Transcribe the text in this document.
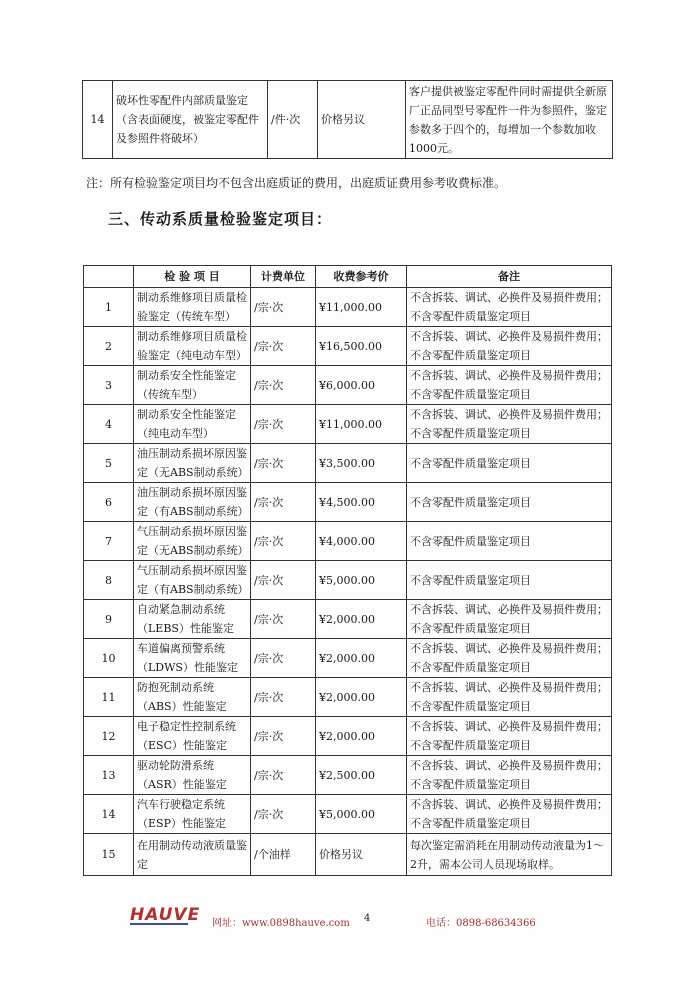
14	破坏性零配件内部质量鉴定（含表面硬度，被鉴定零配件及参照件将破坏）	/件·次	价格另议	客户提供被鉴定零配件同时需提供全新原厂正品同型号零配件一件为参照件，鉴定参数多于四个的，每增加一个参数加收1000元。
注：所有检验鉴定项目均不包含出庭质证的费用，出庭质证费用参考收费标准。
三、传动系质量检验鉴定项目：
	检 验 项 目	计费单位	收费参考价	备注
1	制动系维修项目质量检验鉴定（传统车型）	/宗·次	¥11,000.00	不含拆装、调试、必换件及易损件费用；不含零配件质量鉴定项目
2	制动系维修项目质量检验鉴定（纯电动车型）	/宗·次	¥16,500.00	不含拆装、调试、必换件及易损件费用；不含零配件质量鉴定项目
3	制动系安全性能鉴定（传统车型）	/宗·次	¥6,000.00	不含拆装、调试、必换件及易损件费用；不含零配件质量鉴定项目
4	制动系安全性能鉴定（纯电动车型）	/宗·次	¥11,000.00	不含拆装、调试、必换件及易损件费用；不含零配件质量鉴定项目
5	油压制动系损坏原因鉴定（无ABS制动系统）	/宗·次	¥3,500.00	不含零配件质量鉴定项目
6	油压制动系损坏原因鉴定（有ABS制动系统）	/宗·次	¥4,500.00	不含零配件质量鉴定项目
7	气压制动系损坏原因鉴定（无ABS制动系统）	/宗·次	¥4,000.00	不含零配件质量鉴定项目
8	气压制动系损坏原因鉴定（有ABS制动系统）	/宗·次	¥5,000.00	不含零配件质量鉴定项目
9	自动紧急制动系统（LEBS）性能鉴定	/宗·次	¥2,000.00	不含拆装、调试、必换件及易损件费用；不含零配件质量鉴定项目
10	车道偏离预警系统（LDWS）性能鉴定	/宗·次	¥2,000.00	不含拆装、调试、必换件及易损件费用；不含零配件质量鉴定项目
11	防抱死制动系统（ABS）性能鉴定	/宗·次	¥2,000.00	不含拆装、调试、必换件及易损件费用；不含零配件质量鉴定项目
12	电子稳定性控制系统（ESC）性能鉴定	/宗·次	¥2,000.00	不含拆装、调试、必换件及易损件费用；不含零配件质量鉴定项目
13	驱动轮防滑系统（ASR）性能鉴定	/宗·次	¥2,500.00	不含拆装、调试、必换件及易损件费用；不含零配件质量鉴定项目
14	汽车行驶稳定系统（ESP）性能鉴定	/宗·次	¥5,000.00	不含拆装、调试、必换件及易损件费用；不含零配件质量鉴定项目
15	在用制动传动液质量鉴定	/个油样	价格另议	每次鉴定需消耗在用制动传动液量为1～2升，需本公司人员现场取样。
HAUVE 网址：www.0898hauve.com 4	电话：0898-68634366
